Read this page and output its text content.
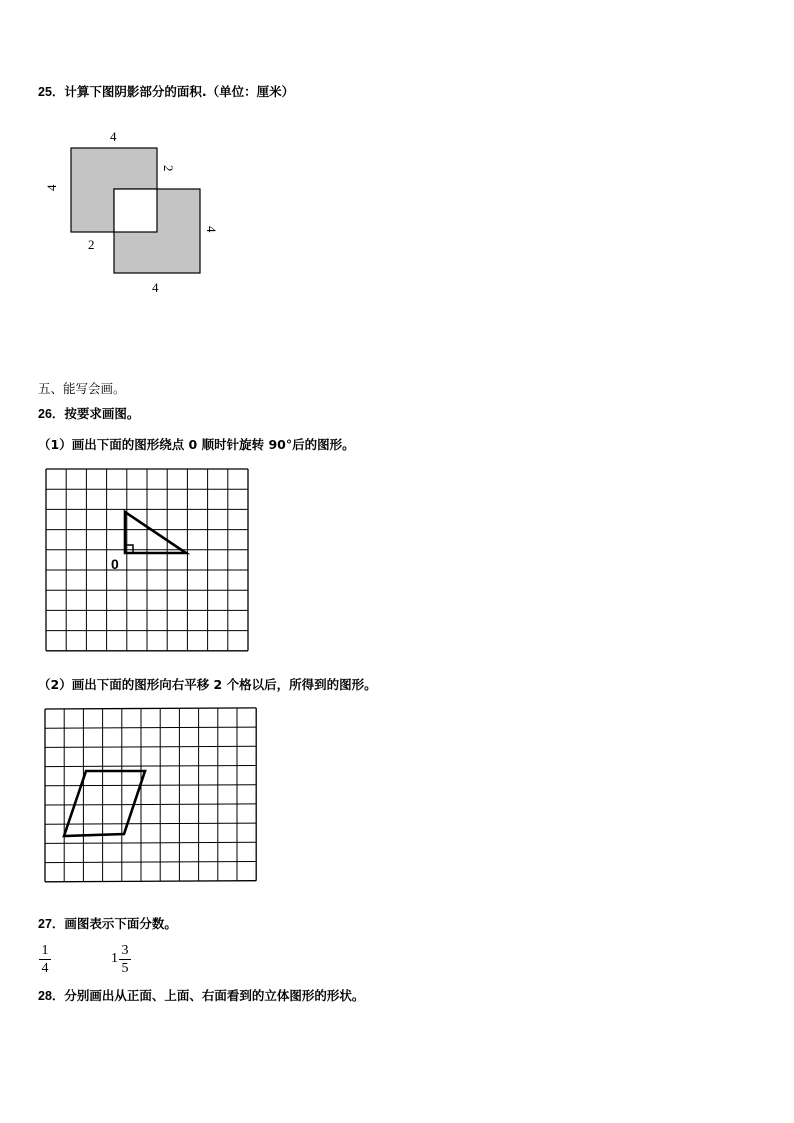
25．计算下图阴影部分的面积.（单位：厘米）
4
4
2
4
2
4
五、能写会画。
26．按要求画图。
（1）画出下面的图形绕点 0 顺时针旋转 90°后的图形。
0
（2）画出下面的图形向右平移 2 个格以后，所得到的图形。
27．画图表示下面分数。
1
4
1
3
5
28．分别画出从正面、上面、右面看到的立体图形的形状。
